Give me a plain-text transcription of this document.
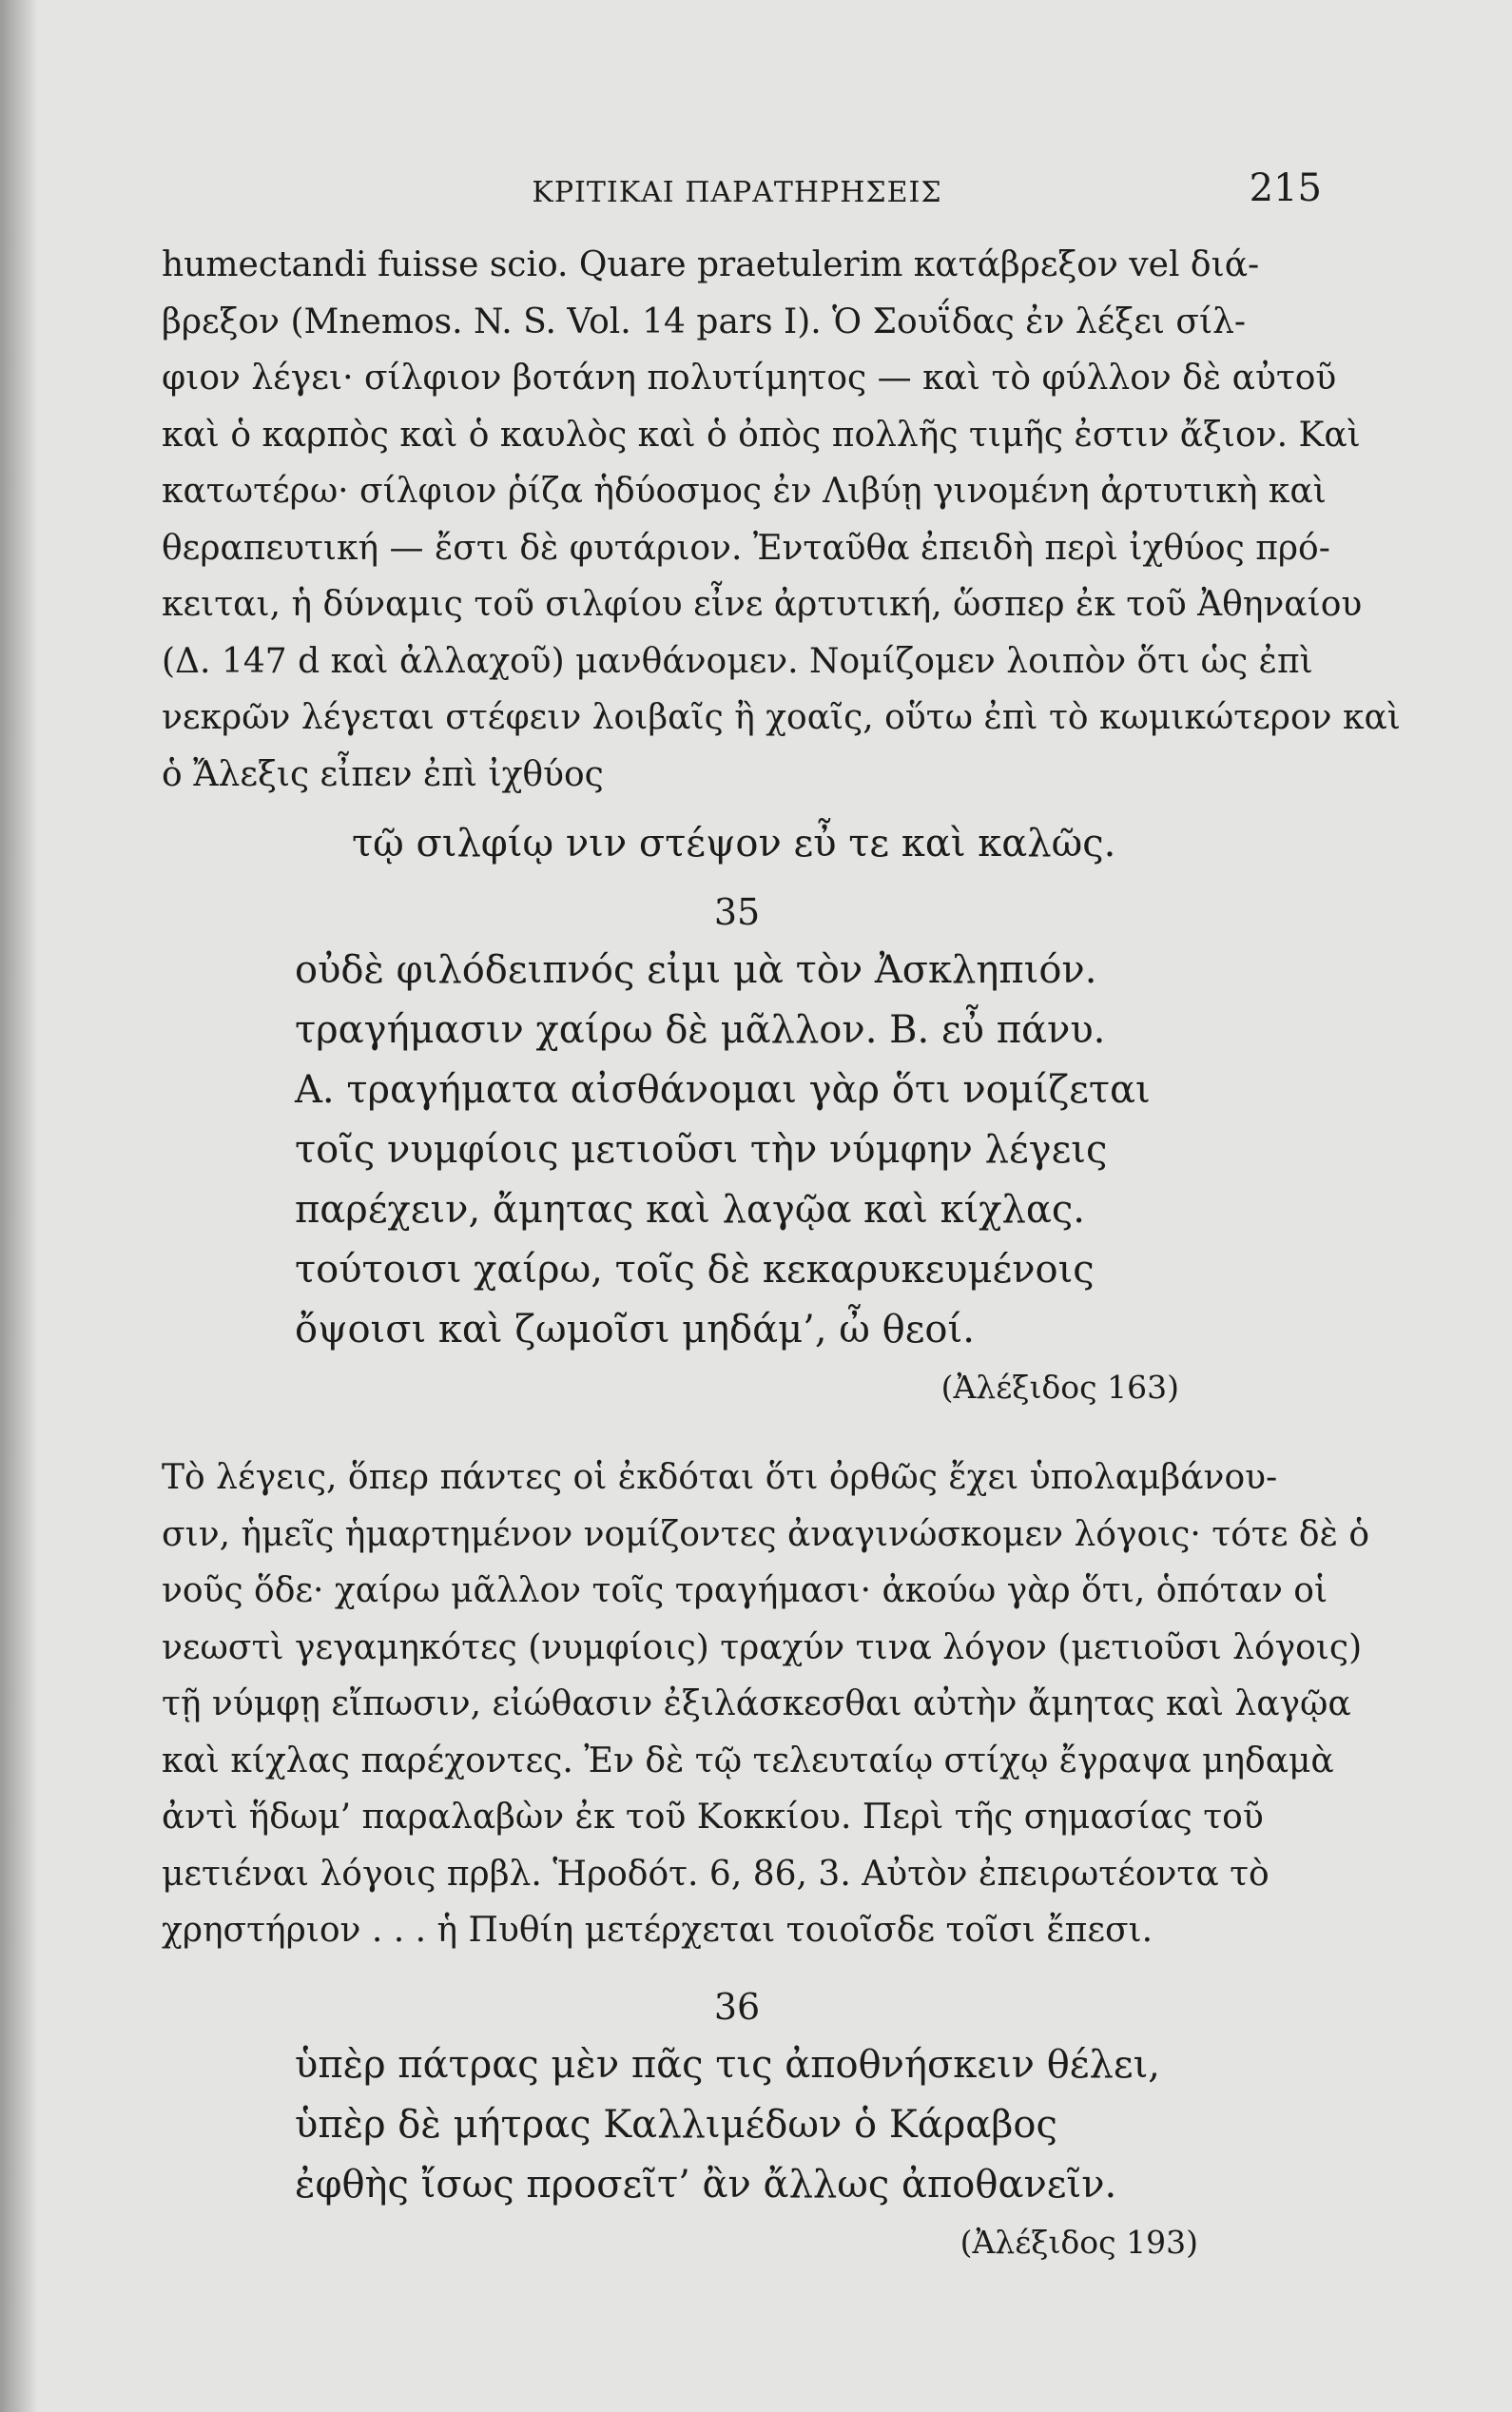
ΚΡΙΤΙΚΑΙ ΠΑΡΑΤΗΡΗΣΕΙΣ	215
humectandi fuisse scio. Quare praetulerim κατάβρεξον vel διά-
βρεξον (Mnemos. N. S. Vol. 14 pars I). Ὁ Σουΐδας ἐν λέξει σίλ-
φιον λέγει· σίλφιον βοτάνη πολυτίμητος — καὶ τὸ φύλλον δὲ αὐτοῦ
καὶ ὁ καρπὸς καὶ ὁ καυλὸς καὶ ὁ ὀπὸς πολλῆς τιμῆς ἐστιν ἄξιον. Καὶ
κατωτέρω· σίλφιον ῥίζα ἡδύοσμος ἐν Λιβύῃ γινομένη ἀρτυτικὴ καὶ
θεραπευτική — ἔστι δὲ φυτάριον. Ἐνταῦθα ἐπειδὴ περὶ ἰχθύος πρό-
κειται, ἡ δύναμις τοῦ σιλφίου εἶνε ἀρτυτική, ὥσπερ ἐκ τοῦ Ἀθηναίου
(Δ. 147 d καὶ ἀλλαχοῦ) μανθάνομεν. Νομίζομεν λοιπὸν ὅτι ὡς ἐπὶ
νεκρῶν λέγεται στέφειν λοιβαῖς ἢ χοαῖς, οὕτω ἐπὶ τὸ κωμικώτερον καὶ
ὁ Ἄλεξις εἶπεν ἐπὶ ἰχθύος
τῷ σιλφίῳ νιν στέψον εὖ τε καὶ καλῶς.
35
οὐδὲ φιλόδειπνός εἰμι μὰ τὸν Ἀσκληπιόν.
τραγήμασιν χαίρω δὲ μᾶλλον. Β. εὖ πάνυ.
Α. τραγήματα αἰσθάνομαι γὰρ ὅτι νομίζεται
τοῖς νυμφίοις μετιοῦσι τὴν νύμφην λέγεις
παρέχειν, ἄμητας καὶ λαγῷα καὶ κίχλας.
τούτοισι χαίρω, τοῖς δὲ κεκαρυκευμένοις
ὄψοισι καὶ ζωμοῖσι μηδάμ’, ὦ θεοί.
(Ἀλέξιδος 163)
Τὸ λέγεις, ὅπερ πάντες οἱ ἐκδόται ὅτι ὀρθῶς ἔχει ὑπολαμβάνου-
σιν, ἡμεῖς ἡμαρτημένον νομίζοντες ἀναγινώσκομεν λόγοις· τότε δὲ ὁ
νοῦς ὅδε· χαίρω μᾶλλον τοῖς τραγήμασι· ἀκούω γὰρ ὅτι, ὁπόταν οἱ
νεωστὶ γεγαμηκότες (νυμφίοις) τραχύν τινα λόγον (μετιοῦσι λόγοις)
τῇ νύμφῃ εἴπωσιν, εἰώθασιν ἐξιλάσκεσθαι αὐτὴν ἄμητας καὶ λαγῷα
καὶ κίχλας παρέχοντες. Ἐν δὲ τῷ τελευταίῳ στίχῳ ἔγραψα μηδαμὰ
ἀντὶ ἥδωμ’ παραλαβὼν ἐκ τοῦ Κοκκίου. Περὶ τῆς σημασίας τοῦ
μετιέναι λόγοις πρβλ. Ἡροδότ. 6, 86, 3. Αὐτὸν ἐπειρωτέοντα τὸ
χρηστήριον . . . ἡ Πυθίη μετέρχεται τοιοῖσδε τοῖσι ἔπεσι.
36
ὑπὲρ πάτρας μὲν πᾶς τις ἀποθνήσκειν θέλει,
ὑπὲρ δὲ μήτρας Καλλιμέδων ὁ Κάραβος
ἐφθὴς ἴσως προσεῖτ’ ἂν ἄλλως ἀποθανεῖν.
(Ἀλέξιδος 193)
